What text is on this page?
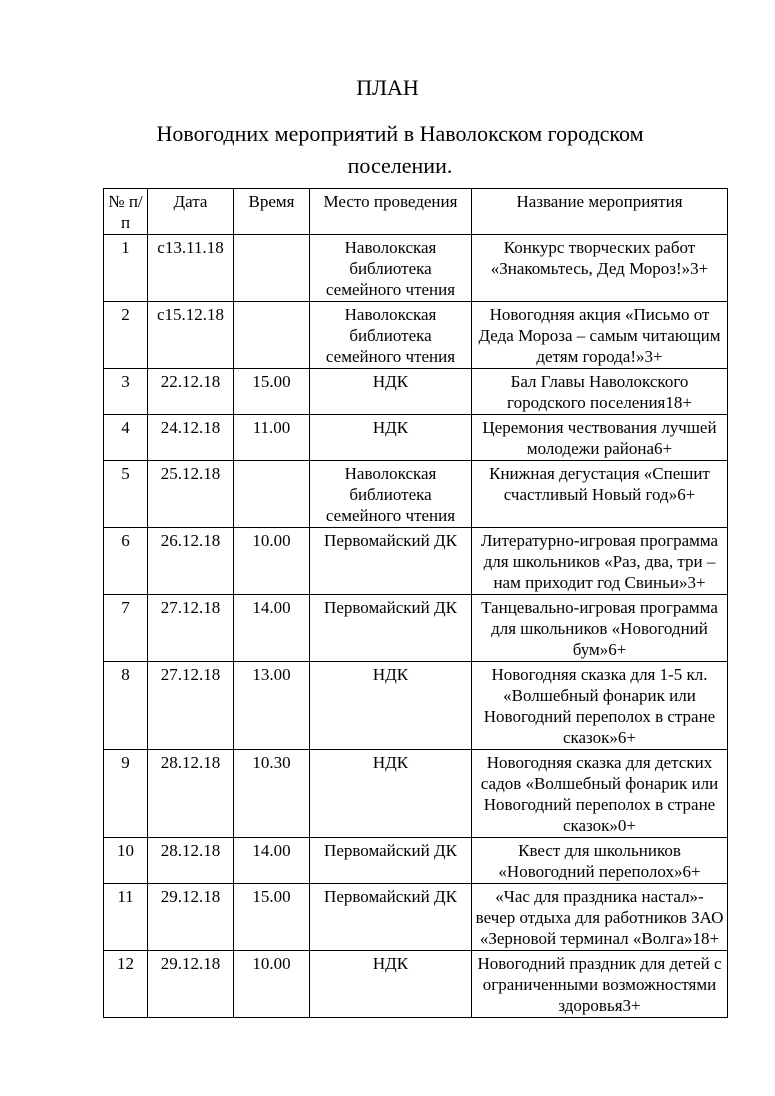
ПЛАН
Новогодних мероприятий в Наволокском городском поселении.
№ п/п	Дата	Время	Место проведения	Название мероприятия
1	с13.11.18		Наволокская библиотека семейного чтения	Конкурс творческих работ «Знакомьтесь, Дед Мороз!»3+
2	с15.12.18		Наволокская библиотека семейного чтения	Новогодняя акция «Письмо от Деда Мороза – самым читающим детям города!»3+
3	22.12.18	15.00	НДК	Бал Главы Наволокского городского поселения18+
4	24.12.18	11.00	НДК	Церемония чествования лучшей молодежи района6+
5	25.12.18		Наволокская библиотека семейного чтения	Книжная дегустация «Спешит счастливый Новый год»6+
6	26.12.18	10.00	Первомайский ДК	Литературно-игровая программа для школьников «Раз, два, три – нам приходит год Свиньи»3+
7	27.12.18	14.00	Первомайский ДК	Танцевально-игровая программа для школьников «Новогодний бум»6+
8	27.12.18	13.00	НДК	Новогодняя сказка для 1-5 кл. «Волшебный фонарик или Новогодний переполох в стране сказок»6+
9	28.12.18	10.30	НДК	Новогодняя сказка для детских садов «Волшебный фонарик или Новогодний переполох в стране сказок»0+
10	28.12.18	14.00	Первомайский ДК	Квест для школьников «Новогодний переполох»6+
11	29.12.18	15.00	Первомайский ДК	«Час для праздника настал»- вечер отдыха для работников ЗАО «Зерновой терминал «Волга»18+
12	29.12.18	10.00	НДК	Новогодний праздник для детей с ограниченными возможностями здоровья3+
